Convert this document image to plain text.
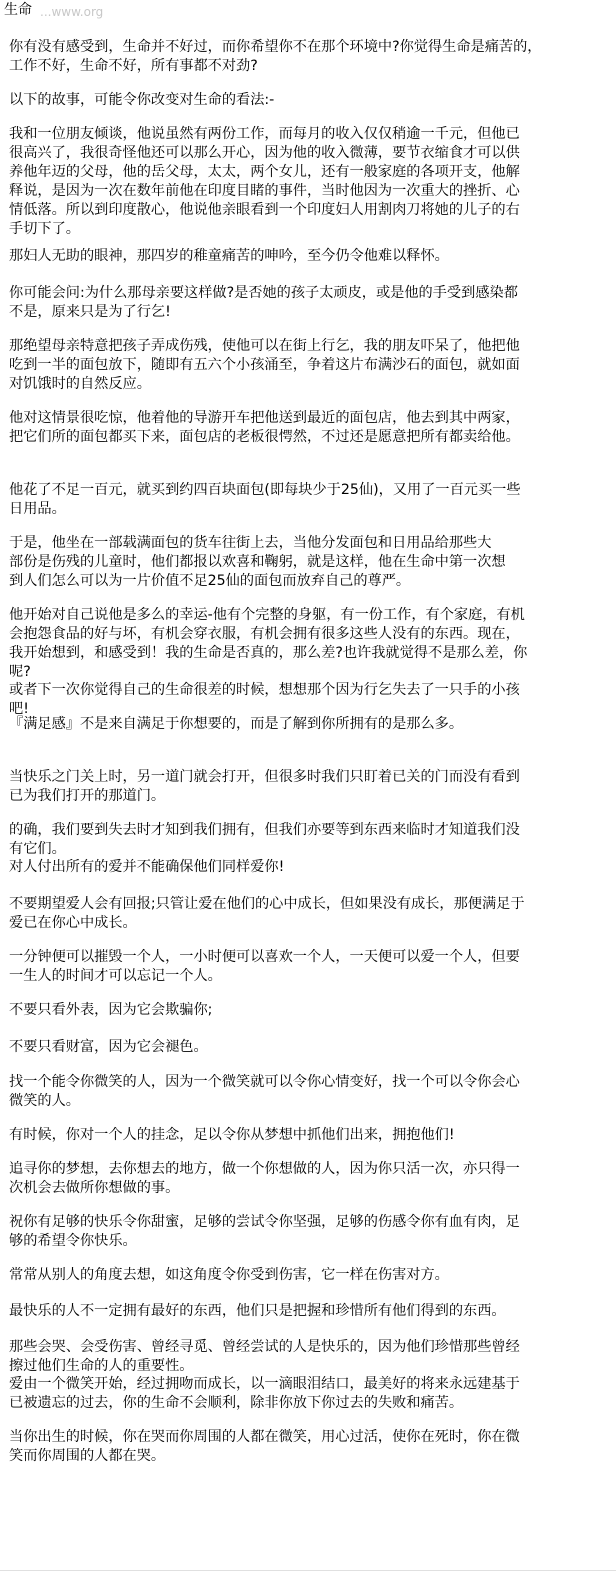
生命 ...www.org

你有没有感受到，生命并不好过，而你希望你不在那个环境中?你觉得生命是痛苦的，
工作不好，生命不好，所有事都不对劲?

以下的故事，可能令你改变对生命的看法:-

我和一位朋友倾谈，他说虽然有两份工作，而每月的收入仅仅稍逾一千元，但他已
很高兴了，我很奇怪他还可以那么开心，因为他的收入微薄，要节衣缩食才可以供
养他年迈的父母，他的岳父母，太太，两个女儿，还有一般家庭的各项开支，他解
释说，是因为一次在数年前他在印度目睹的事件，当时他因为一次重大的挫折、心
情低落。所以到印度散心，他说他亲眼看到一个印度妇人用割肉刀将她的儿子的右
手切下了。

那妇人无助的眼神，那四岁的稚童痛苦的呻吟，至今仍令他难以释怀。

你可能会问:为什么那母亲要这样做?是否她的孩子太顽皮，或是他的手受到感染都
不是，原来只是为了行乞!

那绝望母亲特意把孩子弄成伤残，使他可以在街上行乞，我的朋友吓呆了，他把他
吃到一半的面包放下，随即有五六个小孩涌至，争着这片布满沙石的面包，就如面
对饥饿时的自然反应。

他对这情景很吃惊，他着他的导游开车把他送到最近的面包店，他去到其中两家，
把它们所的面包都买下来，面包店的老板很愕然，不过还是愿意把所有都卖给他。

他花了不足一百元，就买到约四百块面包(即每块少于25仙)，又用了一百元买一些
日用品。

于是，他坐在一部载满面包的货车往街上去，当他分发面包和日用品给那些大
部份是伤残的儿童时，他们都报以欢喜和鞠躬，就是这样，他在生命中第一次想
到人们怎么可以为一片价值不足25仙的面包而放弃自己的尊严。

他开始对自己说他是多么的幸运-他有个完整的身躯，有一份工作，有个家庭，有机
会抱怨食品的好与坏，有机会穿衣服，有机会拥有很多这些人没有的东西。现在，
我开始想到，和感受到！我的生命是否真的，那么差?也许我就觉得不是那么差，你
呢?

或者下一次你觉得自己的生命很差的时候，想想那个因为行乞失去了一只手的小孩
吧!

『满足感』不是来自满足于你想要的，而是了解到你所拥有的是那么多。

当快乐之门关上时，另一道门就会打开，但很多时我们只盯着已关的门而没有看到
已为我们打开的那道门。

的确，我们要到失去时才知到我们拥有，但我们亦要等到东西来临时才知道我们没
有它们。

对人付出所有的爱并不能确保他们同样爱你!

不要期望爱人会有回报;只管让爱在他们的心中成长，但如果没有成长，那便满足于
爱已在你心中成长。

一分钟便可以摧毁一个人，一小时便可以喜欢一个人，一天便可以爱一个人，但要
一生人的时间才可以忘记一个人。

不要只看外表，因为它会欺骗你;

不要只看财富，因为它会褪色。

找一个能令你微笑的人，因为一个微笑就可以令你心情变好，找一个可以令你会心
微笑的人。

有时候，你对一个人的挂念，足以令你从梦想中抓他们出来，拥抱他们!

追寻你的梦想，去你想去的地方，做一个你想做的人，因为你只活一次，亦只得一
次机会去做所你想做的事。

祝你有足够的快乐令你甜蜜，足够的尝试令你坚强，足够的伤感令你有血有肉，足
够的希望令你快乐。

常常从别人的角度去想，如这角度令你受到伤害，它一样在伤害对方。

最快乐的人不一定拥有最好的东西，他们只是把握和珍惜所有他们得到的东西。

那些会哭、会受伤害、曾经寻觅、曾经尝试的人是快乐的，因为他们珍惜那些曾经
擦过他们生命的人的重要性。

爱由一个微笑开始，经过拥吻而成长，以一滴眼泪结口，最美好的将来永远建基于
已被遗忘的过去，你的生命不会顺利，除非你放下你过去的失败和痛苦。

当你出生的时候，你在哭而你周围的人都在微笑，用心过活，使你在死时，你在微
笑而你周围的人都在哭。
